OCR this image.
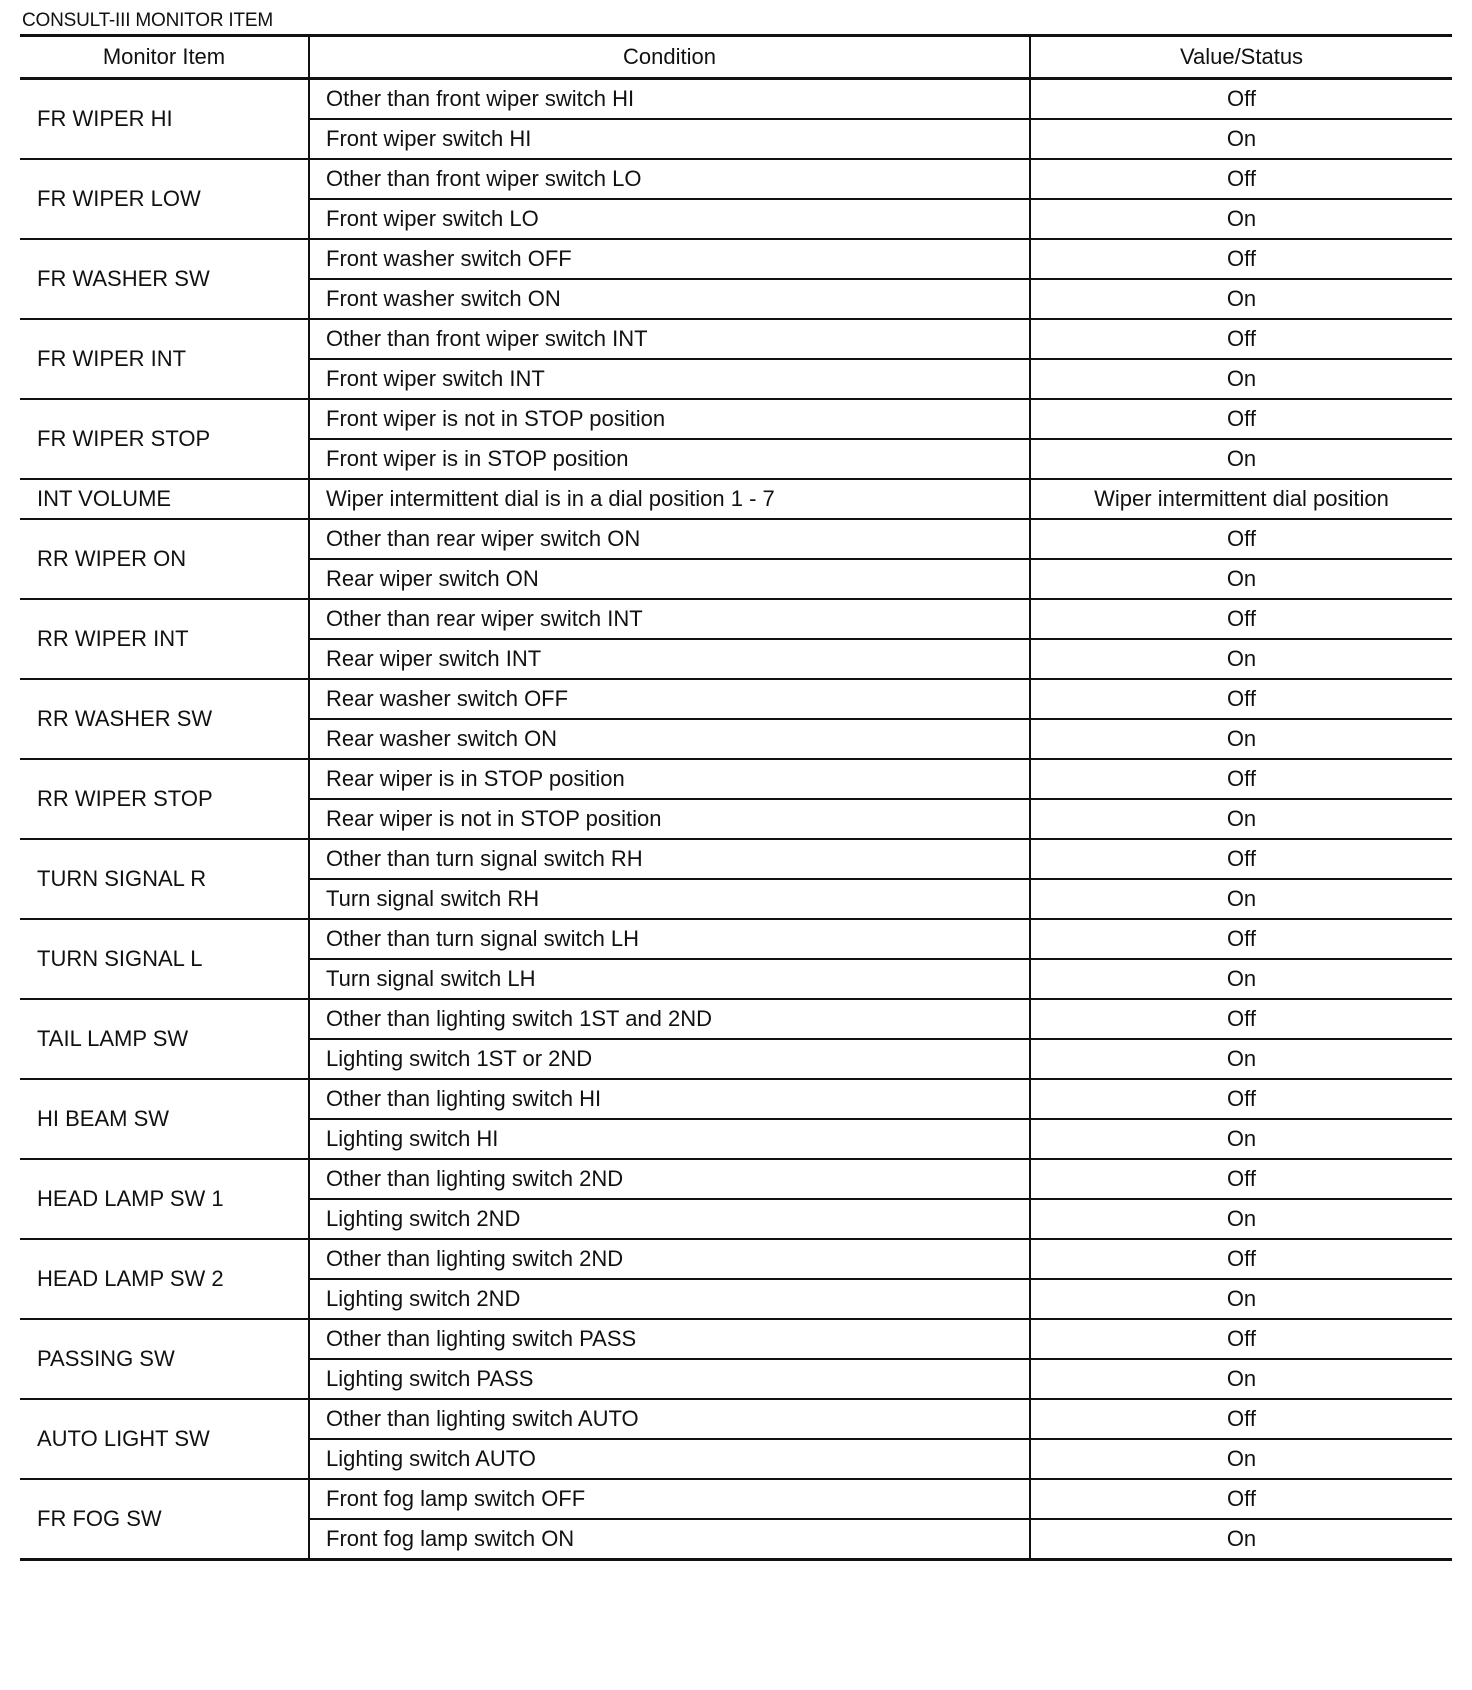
CONSULT-III MONITOR ITEM
Monitor Item	Condition	Value/Status
FR WIPER HI	Other than front wiper switch HI	Off
	Front wiper switch HI	On
FR WIPER LOW	Other than front wiper switch LO	Off
	Front wiper switch LO	On
FR WASHER SW	Front washer switch OFF	Off
	Front washer switch ON	On
FR WIPER INT	Other than front wiper switch INT	Off
	Front wiper switch INT	On
FR WIPER STOP	Front wiper is not in STOP position	Off
	Front wiper is in STOP position	On
INT VOLUME	Wiper intermittent dial is in a dial position 1 - 7	Wiper intermittent dial position
RR WIPER ON	Other than rear wiper switch ON	Off
	Rear wiper switch ON	On
RR WIPER INT	Other than rear wiper switch INT	Off
	Rear wiper switch INT	On
RR WASHER SW	Rear washer switch OFF	Off
	Rear washer switch ON	On
RR WIPER STOP	Rear wiper is in STOP position	Off
	Rear wiper is not in STOP position	On
TURN SIGNAL R	Other than turn signal switch RH	Off
	Turn signal switch RH	On
TURN SIGNAL L	Other than turn signal switch LH	Off
	Turn signal switch LH	On
TAIL LAMP SW	Other than lighting switch 1ST and 2ND	Off
	Lighting switch 1ST or 2ND	On
HI BEAM SW	Other than lighting switch HI	Off
	Lighting switch HI	On
HEAD LAMP SW 1	Other than lighting switch 2ND	Off
	Lighting switch 2ND	On
HEAD LAMP SW 2	Other than lighting switch 2ND	Off
	Lighting switch 2ND	On
PASSING SW	Other than lighting switch PASS	Off
	Lighting switch PASS	On
AUTO LIGHT SW	Other than lighting switch AUTO	Off
	Lighting switch AUTO	On
FR FOG SW	Front fog lamp switch OFF	Off
	Front fog lamp switch ON	On
